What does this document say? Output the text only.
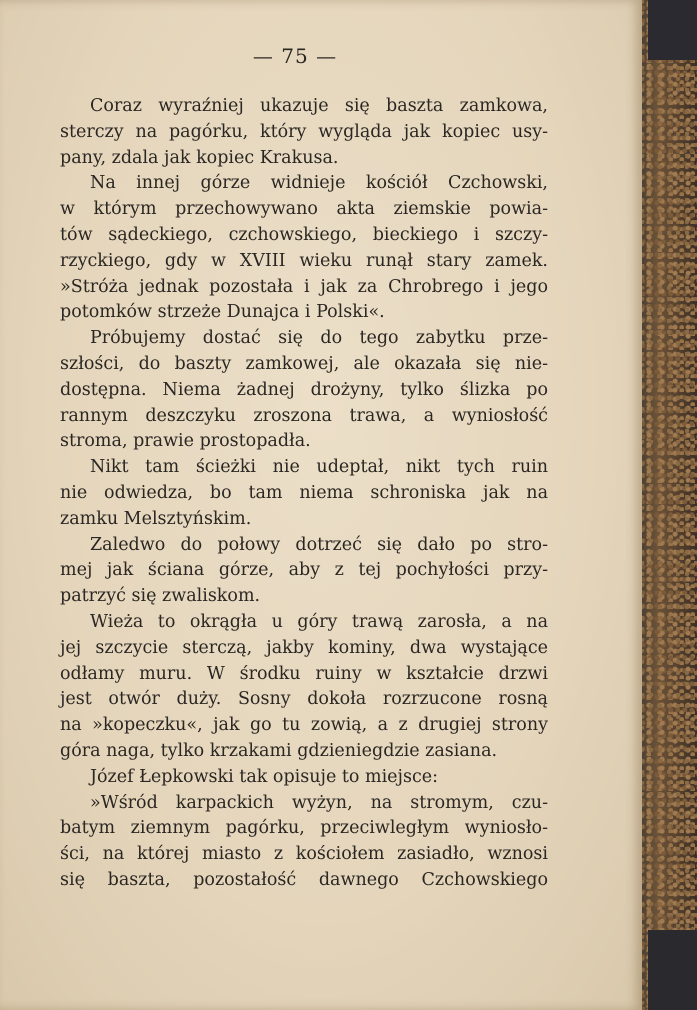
— 75 —
Coraz wyraźniej ukazuje się baszta zamkowa,
sterczy na pagórku, który wygląda jak kopiec usy-
pany, zdala jak kopiec Krakusa.
Na innej górze widnieje kościół Czchowski,
w którym przechowywano akta ziemskie powia-
tów sądeckiego, czchowskiego, bieckiego i szczy-
rzyckiego, gdy w XVIII wieku runął stary zamek.
»Stróża jednak pozostała i jak za Chrobrego i jego
potomków strzeże Dunajca i Polski«.
Próbujemy dostać się do tego zabytku prze-
szłości, do baszty zamkowej, ale okazała się nie-
dostępna. Niema żadnej drożyny, tylko ślizka po
rannym deszczyku zroszona trawa, a wyniosłość
stroma, prawie prostopadła.
Nikt tam ścieżki nie udeptał, nikt tych ruin
nie odwiedza, bo tam niema schroniska jak na
zamku Melsztyńskim.
Zaledwo do połowy dotrzeć się dało po stro-
mej jak ściana górze, aby z tej pochyłości przy-
patrzyć się zwaliskom.
Wieża to okrągła u góry trawą zarosła, a na
jej szczycie sterczą, jakby kominy, dwa wystające
odłamy muru. W środku ruiny w kształcie drzwi
jest otwór duży. Sosny dokoła rozrzucone rosną
na »kopeczku«, jak go tu zowią, a z drugiej strony
góra naga, tylko krzakami gdzieniegdzie zasiana.
Józef Łepkowski tak opisuje to miejsce:
»Wśród karpackich wyżyn, na stromym, czu-
batym ziemnym pagórku, przeciwległym wyniosło-
ści, na której miasto z kościołem zasiadło, wznosi
się baszta, pozostałość dawnego Czchowskiego
